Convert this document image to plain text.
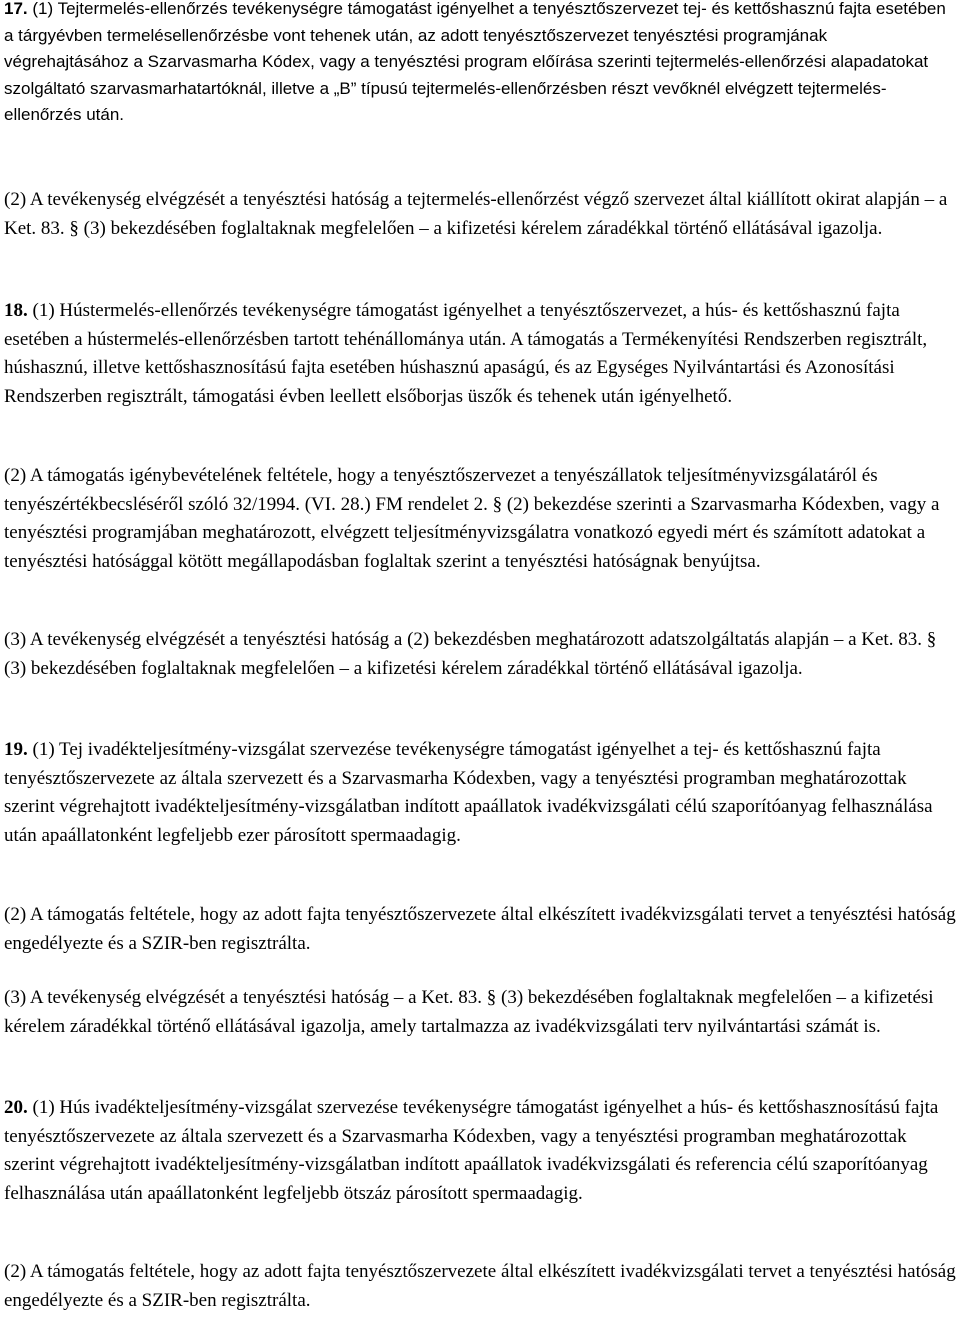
17. (1) Tejtermelés-ellenőrzés tevékenységre támogatást igényelhet a tenyésztőszervezet tej- és kettőshasznú fajta esetében a tárgyévben termelésellenőrzésbe vont tehenek után, az adott tenyésztőszervezet tenyésztési programjának végrehajtásához a Szarvasmarha Kódex, vagy a tenyésztési program előírása szerinti tejtermelés-ellenőrzési alapadatokat szolgáltató szarvasmarhatartóknál, illetve a „B” típusú tejtermelés-ellenőrzésben részt vevőknél elvégzett tejtermelés-ellenőrzés után.

(2) A tevékenység elvégzését a tenyésztési hatóság a tejtermelés-ellenőrzést végző szervezet által kiállított okirat alapján – a Ket. 83. § (3) bekezdésében foglaltaknak megfelelően – a kifizetési kérelem záradékkal történő ellátásával igazolja.

18. (1) Hústermelés-ellenőrzés tevékenységre támogatást igényelhet a tenyésztőszervezet, a hús- és kettőshasznú fajta esetében a hústermelés-ellenőrzésben tartott tehénállománya után. A támogatás a Termékenyítési Rendszerben regisztrált, húshasznú, illetve kettőshasznosítású fajta esetében húshasznú apaságú, és az Egységes Nyilvántartási és Azonosítási Rendszerben regisztrált, támogatási évben leellett elsőborjas üszők és tehenek után igényelhető.

(2) A támogatás igénybevételének feltétele, hogy a tenyésztőszervezet a tenyészállatok teljesítményvizsgálatáról és tenyészértékbecsléséről szóló 32/1994. (VI. 28.) FM rendelet 2. § (2) bekezdése szerinti a Szarvasmarha Kódexben, vagy a tenyésztési programjában meghatározott, elvégzett teljesítményvizsgálatra vonatkozó egyedi mért és számított adatokat a tenyésztési hatósággal kötött megállapodásban foglaltak szerint a tenyésztési hatóságnak benyújtsa.

(3) A tevékenység elvégzését a tenyésztési hatóság a (2) bekezdésben meghatározott adatszolgáltatás alapján – a Ket. 83. § (3) bekezdésében foglaltaknak megfelelően – a kifizetési kérelem záradékkal történő ellátásával igazolja.

19. (1) Tej ivadékteljesítmény-vizsgálat szervezése tevékenységre támogatást igényelhet a tej- és kettőshasznú fajta tenyésztőszervezete az általa szervezett és a Szarvasmarha Kódexben, vagy a tenyésztési programban meghatározottak szerint végrehajtott ivadékteljesítmény-vizsgálatban indított apaállatok ivadékvizsgálati célú szaporítóanyag felhasználása után apaállatonként legfeljebb ezer párosított spermaadagig.

(2) A támogatás feltétele, hogy az adott fajta tenyésztőszervezete által elkészített ivadékvizsgálati tervet a tenyésztési hatóság engedélyezte és a SZIR-ben regisztrálta.

(3) A tevékenység elvégzését a tenyésztési hatóság – a Ket. 83. § (3) bekezdésében foglaltaknak megfelelően – a kifizetési kérelem záradékkal történő ellátásával igazolja, amely tartalmazza az ivadékvizsgálati terv nyilvántartási számát is.

20. (1) Hús ivadékteljesítmény-vizsgálat szervezése tevékenységre támogatást igényelhet a hús- és kettőshasznosítású fajta tenyésztőszervezete az általa szervezett és a Szarvasmarha Kódexben, vagy a tenyésztési programban meghatározottak szerint végrehajtott ivadékteljesítmény-vizsgálatban indított apaállatok ivadékvizsgálati és referencia célú szaporítóanyag felhasználása után apaállatonként legfeljebb ötszáz párosított spermaadagig.

(2) A támogatás feltétele, hogy az adott fajta tenyésztőszervezete által elkészített ivadékvizsgálati tervet a tenyésztési hatóság engedélyezte és a SZIR-ben regisztrálta.
